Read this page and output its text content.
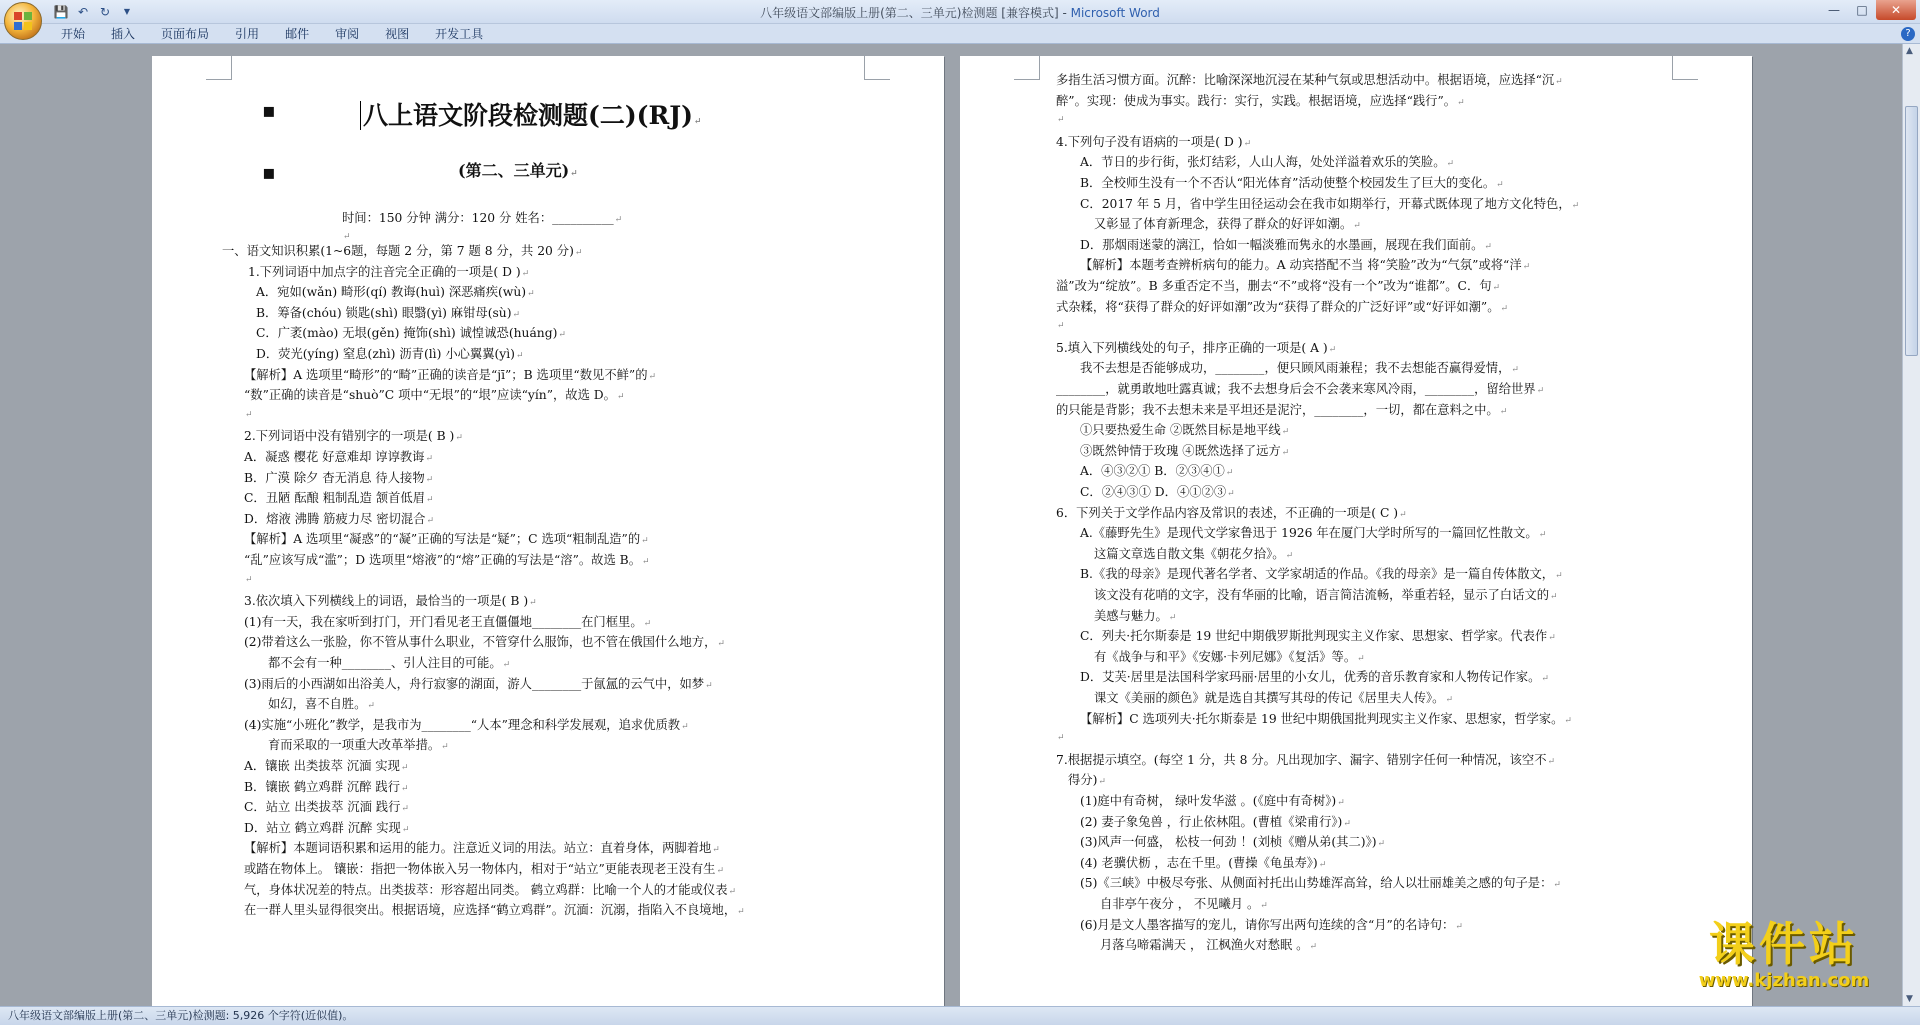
💾 ↶ ↻	▼	八年级语文部编版上册(第二、三单元)检测题 [兼容模式] - Microsoft Word	—	□	✕
开始	插入	页面布局	引用	邮件	审阅	视图	开发工具	?
▪	八上语文阶段检测题(二)(RJ)↵
▪	(第二、三单元)↵
时间：150 分钟 满分：120 分 姓名：__________↵
↵
一、语文知识积累(1~6题，每题 2 分，第 7 题 8 分，共 20 分)↵
1.下列词语中加点字的注音完全正确的一项是( D )↵
A．宛如(wǎn) 畸形(qí) 教诲(huì) 深恶痛疾(wù)↵
B．筹备(chóu) 锁匙(shì) 眼翳(yì) 麻钳母(sù)↵
C．广袤(mào) 无垠(gěn) 掩饰(shì) 诚惶诚恐(huáng)↵
D．荧光(yíng) 窒息(zhì) 沥青(lì) 小心翼翼(yì)↵
【解析】A 选项里“畸形”的“畸”正确的读音是“jī”；B 选项里“数见不鲜”的↵
“数”正确的读音是“shuò”C 项中“无垠”的“垠”应读“yín”，故选 D。↵
↵
2.下列词语中没有错别字的一项是( B )↵
A．凝惑 樱花 好意难却 谆谆教诲↵
B．广漠 除夕 杳无消息 待人接物↵
C．丑陋 酝酿 粗制乱造 颔首低眉↵
D．熔液 沸腾 筋疲力尽 密切混合↵
【解析】A 选项里“凝惑”的“凝”正确的写法是“疑”；C 选项“粗制乱造”的↵
“乱”应该写成“滥”；D 选项里“熔液”的“熔”正确的写法是“溶”。故选 B。↵
↵
3.依次填入下列横线上的词语，最恰当的一项是( B )↵
(1)有一天，我在家听到打门，开门看见老王直僵僵地________在门框里。↵
(2)带着这么一张脸，你不管从事什么职业，不管穿什么服饰，也不管在俄国什么地方，↵
都不会有一种________、引人注目的可能。↵
(3)雨后的小西湖如出浴美人，舟行寂寥的湖面，游人________于氤氲的云气中，如梦↵
如幻，喜不自胜。↵
(4)实施“小班化”教学，是我市为________“人本”理念和科学发展观，追求优质教↵
育而采取的一项重大改革举措。↵
A．镶嵌 出类拔萃 沉湎 实现↵
B．镶嵌 鹤立鸡群 沉醉 践行↵
C．站立 出类拔萃 沉湎 践行↵
D．站立 鹤立鸡群 沉醉 实现↵
【解析】本题词语积累和运用的能力。注意近义词的用法。站立：直着身体，两脚着地↵
或踏在物体上。 镶嵌：指把一物体嵌入另一物体内，相对于“站立”更能表现老王没有生↵
气，身体状况差的特点。出类拔萃：形容超出同类。 鹤立鸡群：比喻一个人的才能或仪表↵
在一群人里头显得很突出。根据语境，应选择“鹤立鸡群”。沉湎：沉溺，指陷入不良境地，↵
多指生活习惯方面。沉醉：比喻深深地沉浸在某种气氛或思想活动中。根据语境，应选择“沉↵
醉”。实现：使成为事实。践行：实行，实践。根据语境，应选择“践行”。↵
↵
4.下列句子没有语病的一项是( D )↵
A．节日的步行街，张灯结彩，人山人海，处处洋溢着欢乐的笑脸。↵
B．全校师生没有一个不否认“阳光体育”活动使整个校园发生了巨大的变化。↵
C．2017 年 5 月，省中学生田径运动会在我市如期举行，开幕式既体现了地方文化特色，↵
又彰显了体育新理念，获得了群众的好评如潮。↵
D．那烟雨迷蒙的漓江，恰如一幅淡雅而隽永的水墨画，展现在我们面前。↵
【解析】本题考查辨析病句的能力。A 动宾搭配不当 将“笑脸”改为“气氛”或将“洋↵
溢”改为“绽放”。B 多重否定不当，删去“不”或将“没有一个”改为“谁都”。C．句↵
式杂糅，将“获得了群众的好评如潮”改为“获得了群众的广泛好评”或“好评如潮”。↵
↵
5.填入下列横线处的句子，排序正确的一项是( A )↵
我不去想是否能够成功，________，便只顾风雨兼程；我不去想能否赢得爱情，↵
________，就勇敢地吐露真诚；我不去想身后会不会袭来寒风冷雨，________，留给世界↵
的只能是背影；我不去想未来是平坦还是泥泞，________，一切，都在意料之中。↵
①只要热爱生命 ②既然目标是地平线↵
③既然钟情于玫瑰 ④既然选择了远方↵
A．④③②① B．②③④①↵
C．②④③① D．④①②③↵
6．下列关于文学作品内容及常识的表述，不正确的一项是( C )↵
A.《藤野先生》是现代文学家鲁迅于 1926 年在厦门大学时所写的一篇回忆性散文。↵
这篇文章选自散文集《朝花夕拾》。↵
B.《我的母亲》是现代著名学者、文学家胡适的作品。《我的母亲》是一篇自传体散文，↵
该文没有花哨的文字，没有华丽的比喻，语言简洁流畅，举重若轻，显示了白话文的↵
美感与魅力。↵
C．列夫·托尔斯泰是 19 世纪中期俄罗斯批判现实主义作家、思想家、哲学家。代表作↵
有《战争与和平》《安娜·卡列尼娜》《复活》等。↵
D．艾芙·居里是法国科学家玛丽·居里的小女儿，优秀的音乐教育家和人物传记作家。↵
课文《美丽的颜色》就是选自其撰写其母的传记《居里夫人传》。↵
【解析】C 选项列夫·托尔斯泰是 19 世纪中期俄国批判现实主义作家、思想家，哲学家。↵
↵
7.根据提示填空。(每空 1 分，共 8 分。凡出现加字、漏字、错别字任何一种情况，该空不↵
得分)↵
(1)庭中有奇树， 绿叶发华滋 。(《庭中有奇树》)↵
(2) 妻子象兔兽 ，行止依林阻。(曹植《梁甫行》)↵
(3)风声一何盛， 松枝一何劲 ！(刘桢《赠从弟(其二)》)↵
(4) 老骥伏枥 ，志在千里。(曹操《龟虽寿》)↵
(5)《三峡》中极尽夸张、从侧面衬托出山势雄浑高耸，给人以壮丽雄美之感的句子是：↵
自非亭午夜分 ， 不见曦月 。↵
(6)月是文人墨客描写的宠儿，请你写出两句连续的含“月”的名诗句：↵
月落乌啼霜满天 ， 江枫渔火对愁眠 。↵
▲
▼
八年级语文部编版上册(第二、三单元)检测题: 5,926 个字符(近似值)。
课件站
www.kjzhan.com
